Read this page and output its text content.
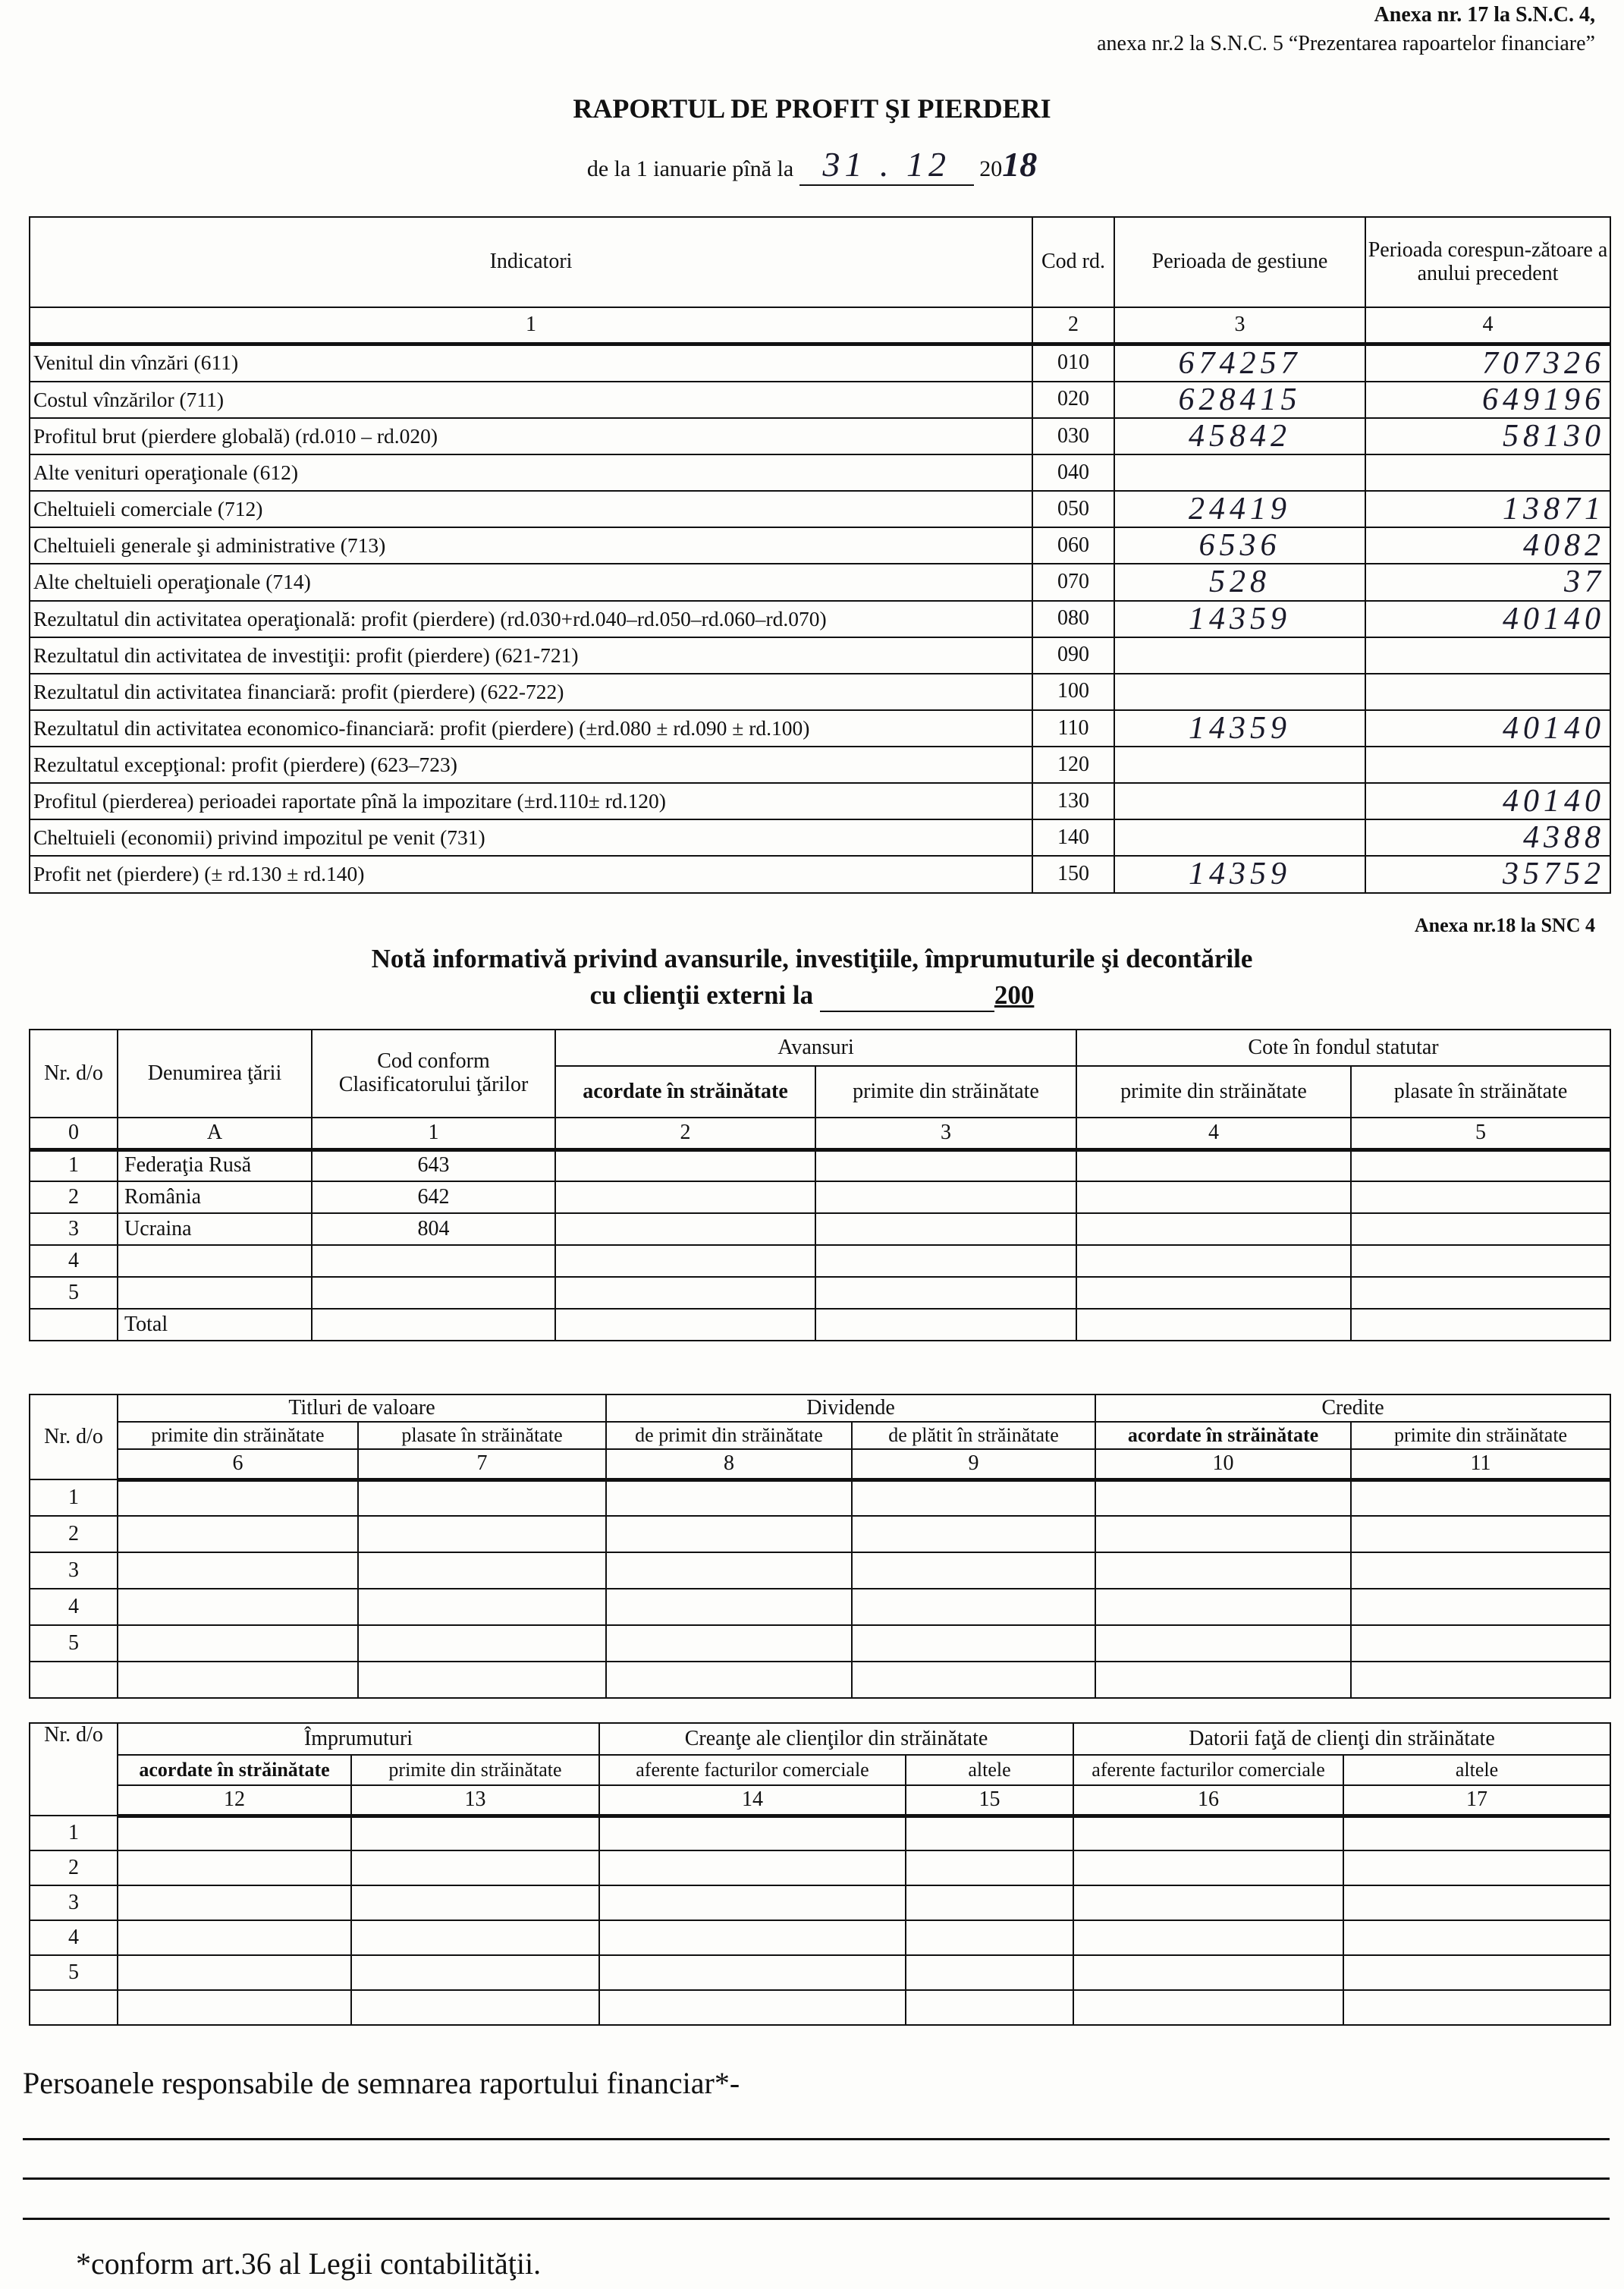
Anexa nr. 17 la S.N.C. 4,
anexa nr.2 la S.N.C. 5 “Prezentarea rapoartelor financiare”
RAPORTUL DE PROFIT ŞI PIERDERI
de la 1 ianuarie pînă la 31 . 12 2018
Indicatori	Cod rd.	Perioada de gestiune	Perioada corespun-zătoare a anului precedent
1	2	3	4
Venitul din vînzări (611)	010	674257	707326
Costul vînzărilor (711)	020	628415	649196
Profitul brut (pierdere globală) (rd.010 – rd.020)	030	45842	58130
Alte venituri operaţionale (612)	040		
Cheltuieli comerciale (712)	050	24419	13871
Cheltuieli generale şi administrative (713)	060	6536	4082
Alte cheltuieli operaţionale (714)	070	528	37
Rezultatul din activitatea operaţională: profit (pierdere) (rd.030+rd.040–rd.050–rd.060–rd.070)	080	14359	40140
Rezultatul din activitatea de investiţii: profit (pierdere) (621-721)	090		
Rezultatul din activitatea financiară: profit (pierdere) (622-722)	100		
Rezultatul din activitatea economico-financiară: profit (pierdere) (±rd.080 ± rd.090 ± rd.100)	110	14359	40140
Rezultatul excepţional: profit (pierdere) (623–723)	120		
Profitul (pierderea) perioadei raportate pînă la impozitare (±rd.110± rd.120)	130		40140
Cheltuieli (economii) privind impozitul pe venit (731)	140		4388
Profit net (pierdere) (± rd.130 ± rd.140)	150	14359	35752
Anexa nr.18 la SNC 4
Notă informativă privind avansurile, investiţiile, împrumuturile şi decontările
cu clienţii externi la	200
Nr. d/o	Denumirea ţării	Cod conform Clasificatorului ţărilor	Avansuri		Cote în fondul statutar	
			acordate în străinătate	primite din străinătate	primite din străinătate	plasate în străinătate
0	A	1	2	3	4	5
1	Federaţia Rusă	643				
2	România	642				
3	Ucraina	804				
4						
5						
	Total					
Nr. d/o	Titluri de valoare		Dividende		Credite	
	primite din străinătate	plasate în străinătate	de primit din străinătate	de plătit în străinătate	acordate în străinătate	primite din străinătate
	6	7	8	9	10	11
1						
2						
3						
4						
5						

Nr. d/o	Împrumuturi		Creanţe ale clienţilor din străinătate		Datorii faţă de clienţi din străinătate	
	acordate în străinătate	primite din străinătate	aferente facturilor comerciale	altele	aferente facturilor comerciale	altele
	12	13	14	15	16	17
1						
2						
3						
4						
5						

Persoanele responsabile de semnarea raportului financiar*-
*conform art.36 al Legii contabilităţii.
